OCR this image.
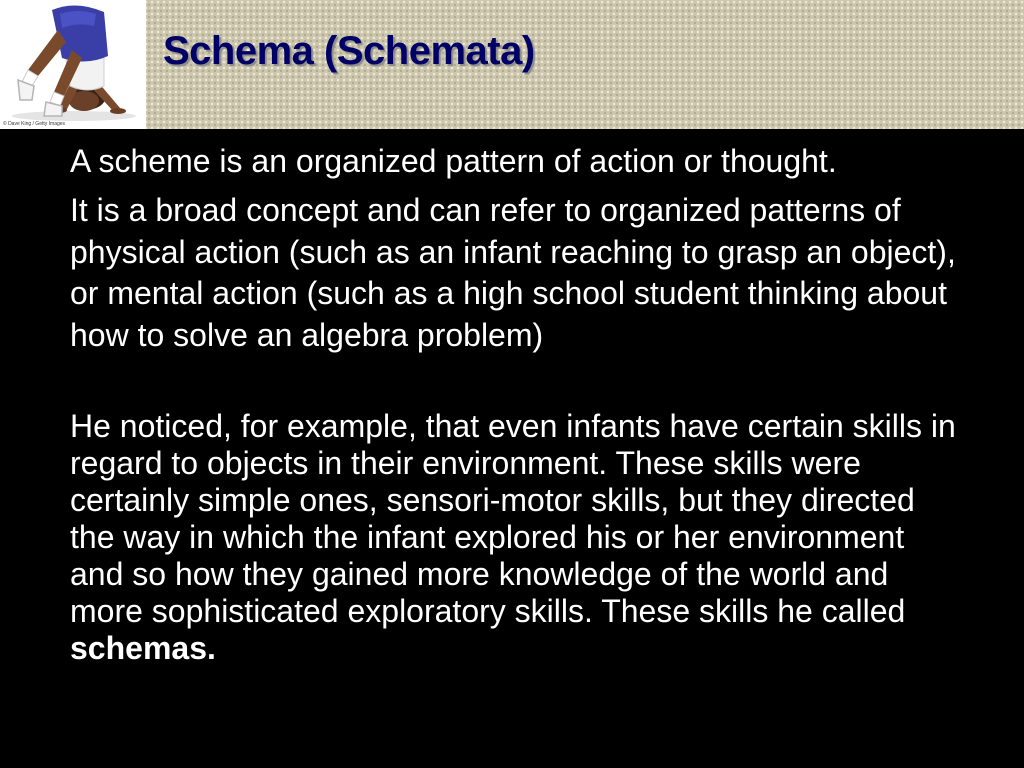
© Dave King / Getty Images
Schema (Schemata)

A scheme is an organized pattern of action or thought.

It is a broad concept and can refer to organized patterns of physical action (such as an infant reaching to grasp an object), or mental action (such as a high school student thinking about how to solve an algebra problem)

He noticed, for example, that even infants have certain skills in regard to objects in their environment. These skills were certainly simple ones, sensori-motor skills, but they directed the way in which the infant explored his or her environment and so how they gained more knowledge of the world and more sophisticated exploratory skills. These skills he called schemas.
